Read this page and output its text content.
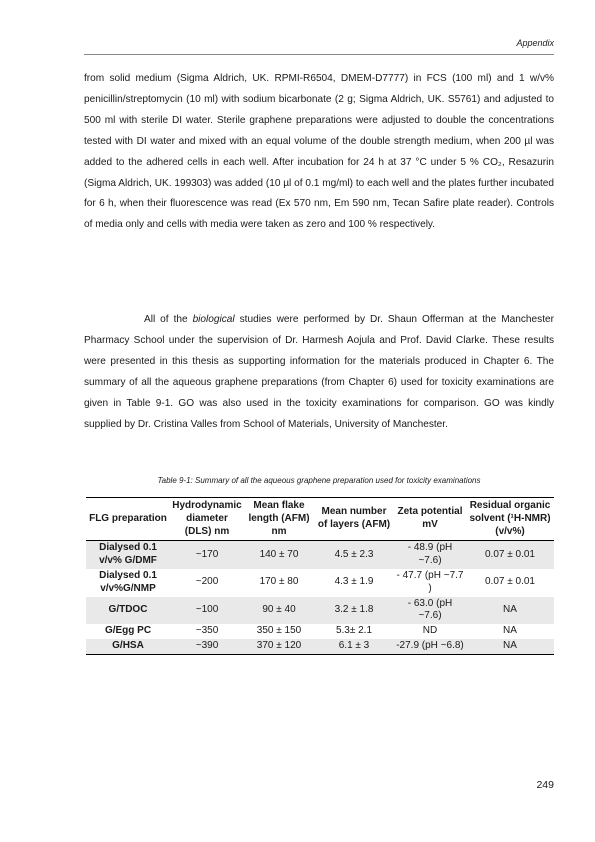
Appendix

from solid medium (Sigma Aldrich, UK. RPMI-R6504, DMEM-D7777) in FCS (100 ml) and 1 w/v% penicillin/streptomycin (10 ml) with sodium bicarbonate (2 g; Sigma Aldrich, UK. S5761) and adjusted to 500 ml with sterile DI water. Sterile graphene preparations were adjusted to double the concentrations tested with DI water and mixed with an equal volume of the double strength medium, when 200 µl was added to the adhered cells in each well. After incubation for 24 h at 37 °C under 5 % CO₂, Resazurin (Sigma Aldrich, UK. 199303) was added (10 µl of 0.1 mg/ml) to each well and the plates further incubated for 6 h, when their fluorescence was read (Ex 570 nm, Em 590 nm, Tecan Safire plate reader). Controls of media only and cells with media were taken as zero and 100 % respectively.

All of the biological studies were performed by Dr. Shaun Offerman at the Manchester Pharmacy School under the supervision of Dr. Harmesh Aojula and Prof. David Clarke. These results were presented in this thesis as supporting information for the materials produced in Chapter 6. The summary of all the aqueous graphene preparations (from Chapter 6) used for toxicity examinations are given in Table 9-1. GO was also used in the toxicity examinations for comparison. GO was kindly supplied by Dr. Cristina Valles from School of Materials, University of Manchester.

Table 9-1: Summary of all the aqueous graphene preparation used for toxicity examinations
FLG preparation	Hydrodynamic diameter (DLS) nm	Mean flake length (AFM) nm	Mean number of layers (AFM)	Zeta potential mV	Residual organic solvent (¹H-NMR) (v/v%)
Dialysed 0.1 v/v% G/DMF	~170	140 ± 70	4.5 ± 2.3	- 48.9 (pH ~7.6)	0.07 ± 0.01
Dialysed 0.1 v/v%G/NMP	~200	170 ± 80	4.3 ± 1.9	- 47.7 (pH ~7.7 )	0.07 ± 0.01
G/TDOC	~100	90 ± 40	3.2 ± 1.8	- 63.0 (pH ~7.6)	NA
G/Egg PC	~350	350 ± 150	5.3± 2.1	ND	NA
G/HSA	~390	370 ± 120	6.1 ± 3	-27.9 (pH ~6.8)	NA
249
